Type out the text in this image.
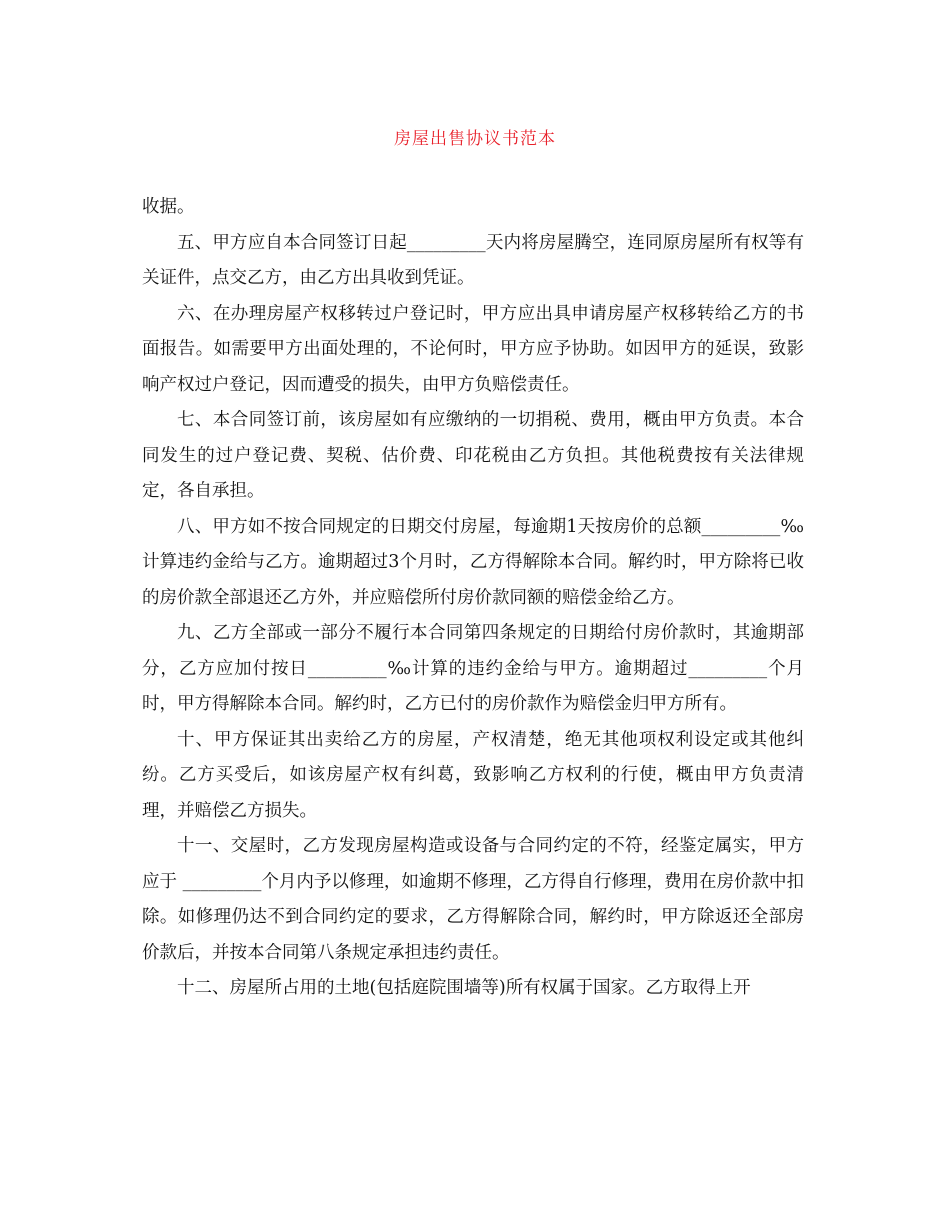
房屋出售协议书范本

收据。

五、甲方应自本合同签订日起_________天内将房屋腾空，连同原房屋所有权等有关证件，点交乙方，由乙方出具收到凭证。

六、在办理房屋产权移转过户登记时，甲方应出具申请房屋产权移转给乙方的书面报告。如需要甲方出面处理的，不论何时，甲方应予协助。如因甲方的延误，致影响产权过户登记，因而遭受的损失，由甲方负赔偿责任。

七、本合同签订前，该房屋如有应缴纳的一切捐税、费用，概由甲方负责。本合同发生的过户登记费、契税、估价费、印花税由乙方负担。其他税费按有关法律规定，各自承担。

八、甲方如不按合同规定的日期交付房屋，每逾期1天按房价的总额_________‰计算违约金给与乙方。逾期超过3个月时，乙方得解除本合同。解约时，甲方除将已收的房价款全部退还乙方外，并应赔偿所付房价款同额的赔偿金给乙方。

九、乙方全部或一部分不履行本合同第四条规定的日期给付房价款时，其逾期部分，乙方应加付按日_________‰计算的违约金给与甲方。逾期超过_________个月时，甲方得解除本合同。解约时，乙方已付的房价款作为赔偿金归甲方所有。

十、甲方保证其出卖给乙方的房屋，产权清楚，绝无其他项权利设定或其他纠纷。乙方买受后，如该房屋产权有纠葛，致影响乙方权利的行使，概由甲方负责清理，并赔偿乙方损失。

十一、交屋时，乙方发现房屋构造或设备与合同约定的不符，经鉴定属实，甲方应于 _________个月内予以修理，如逾期不修理，乙方得自行修理，费用在房价款中扣除。如修理仍达不到合同约定的要求，乙方得解除合同，解约时，甲方除返还全部房价款后，并按本合同第八条规定承担违约责任。

十二、房屋所占用的土地(包括庭院围墙等)所有权属于国家。乙方取得上开
